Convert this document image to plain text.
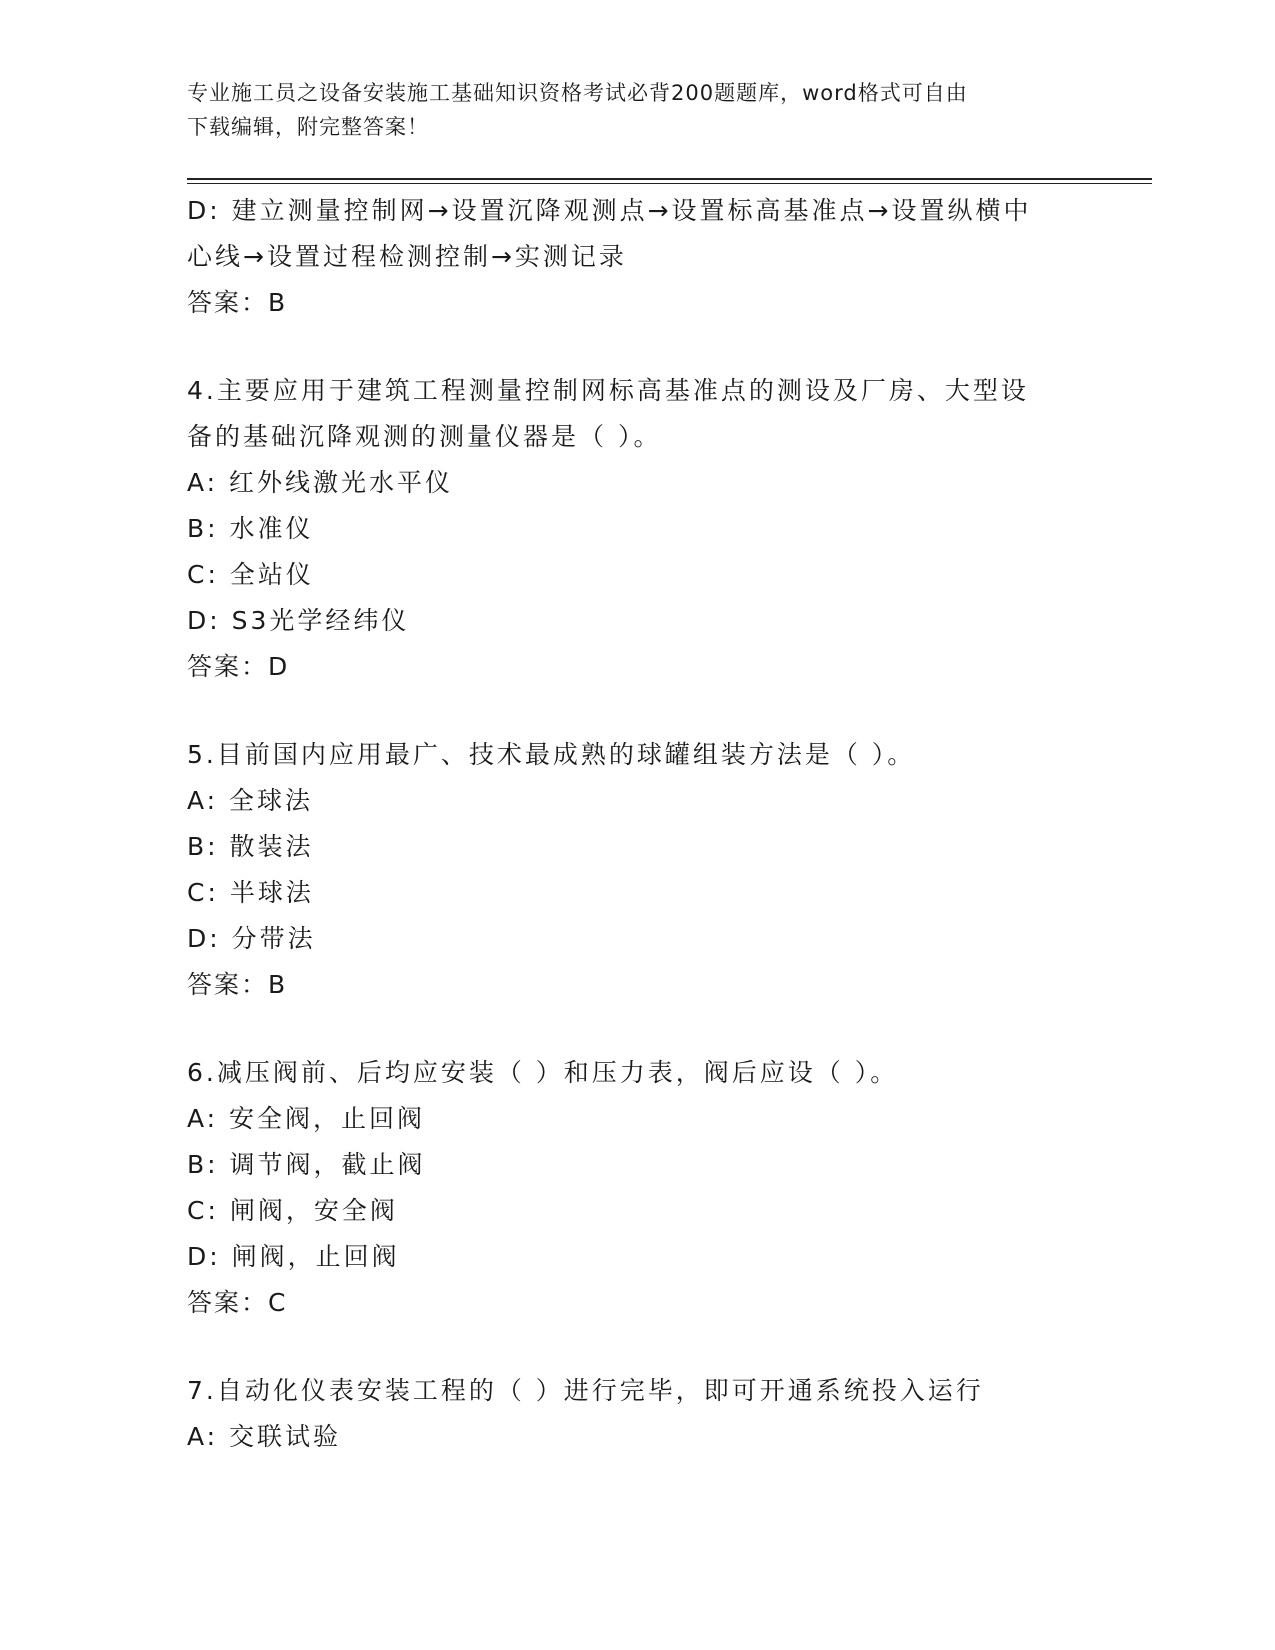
专业施工员之设备安装施工基础知识资格考试必背200题题库，word格式可自由
下载编辑，附完整答案！

D: 建立测量控制网→设置沉降观测点→设置标高基准点→设置纵横中

心线→设置过程检测控制→实测记录

答案：B

4.主要应用于建筑工程测量控制网标高基准点的测设及厂房、大型设

备的基础沉降观测的测量仪器是（ ）。

A: 红外线激光水平仪

B: 水准仪

C: 全站仪

D: S3光学经纬仪

答案：D

5.目前国内应用最广、技术最成熟的球罐组装方法是（ ）。

A: 全球法

B: 散装法

C: 半球法

D: 分带法

答案：B

6.减压阀前、后均应安装（ ）和压力表，阀后应设（ ）。

A: 安全阀，止回阀

B: 调节阀，截止阀

C: 闸阀，安全阀

D: 闸阀，止回阀

答案：C

7.自动化仪表安装工程的（ ）进行完毕，即可开通系统投入运行

A: 交联试验
